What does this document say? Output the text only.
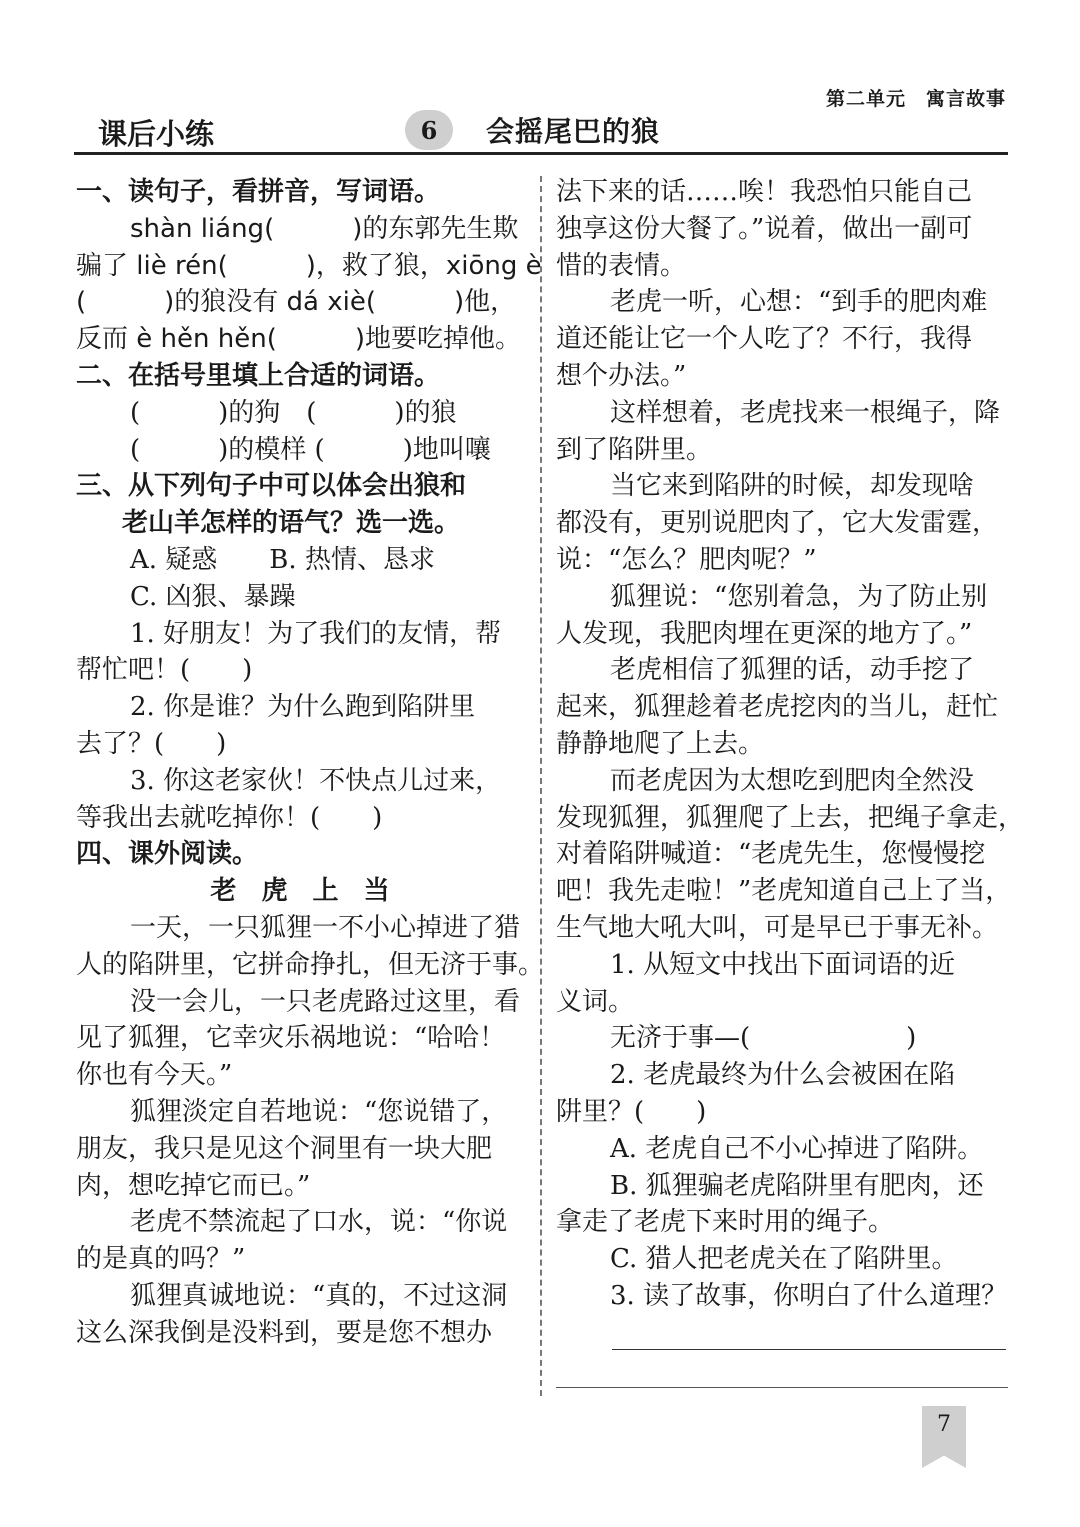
第二单元　寓言故事
课后小练	6	会摇尾巴的狼
一、读句子，看拼音，写词语。
shàn liáng(　　　)的东郭先生欺
骗了 liè rén(　　　)，救了狼，xiōng è
(　　　)的狼没有 dá xiè(　　　)他，
反而 è hěn hěn(　　　)地要吃掉他。
二、在括号里填上合适的词语。
(　　　)的狗　(　　　)的狼
(　　　)的模样 (　　　)地叫嚷
三、从下列句子中可以体会出狼和
老山羊怎样的语气？选一选。
A. 疑惑　　B. 热情、恳求
C. 凶狠、暴躁
1. 好朋友！为了我们的友情，帮
帮忙吧！(　　)
2. 你是谁？为什么跑到陷阱里
去了？(　　)
3. 你这老家伙！不快点儿过来，
等我出去就吃掉你！(　　)
四、课外阅读。
老 虎 上 当
一天，一只狐狸一不小心掉进了猎
人的陷阱里，它拼命挣扎，但无济于事。
没一会儿，一只老虎路过这里，看
见了狐狸，它幸灾乐祸地说：“哈哈！
你也有今天。”
狐狸淡定自若地说：“您说错了，
朋友，我只是见这个洞里有一块大肥
肉，想吃掉它而已。”
老虎不禁流起了口水，说：“你说
的是真的吗？”
狐狸真诚地说：“真的，不过这洞
这么深我倒是没料到，要是您不想办
法下来的话……唉！我恐怕只能自己
独享这份大餐了。”说着，做出一副可
惜的表情。
老虎一听，心想：“到手的肥肉难
道还能让它一个人吃了？不行，我得
想个办法。”
这样想着，老虎找来一根绳子，降
到了陷阱里。
当它来到陷阱的时候，却发现啥
都没有，更别说肥肉了，它大发雷霆，
说：“怎么？肥肉呢？”
狐狸说：“您别着急，为了防止别
人发现，我肥肉埋在更深的地方了。”
老虎相信了狐狸的话，动手挖了
起来，狐狸趁着老虎挖肉的当儿，赶忙
静静地爬了上去。
而老虎因为太想吃到肥肉全然没
发现狐狸，狐狸爬了上去，把绳子拿走，
对着陷阱喊道：“老虎先生，您慢慢挖
吧！我先走啦！”老虎知道自己上了当，
生气地大吼大叫，可是早已于事无补。
1. 从短文中找出下面词语的近
义词。
无济于事—(　　　　　　)
2. 老虎最终为什么会被困在陷
阱里？(　　)
A. 老虎自己不小心掉进了陷阱。
B. 狐狸骗老虎陷阱里有肥肉，还
拿走了老虎下来时用的绳子。
C. 猎人把老虎关在了陷阱里。
3. 读了故事，你明白了什么道理？
7
